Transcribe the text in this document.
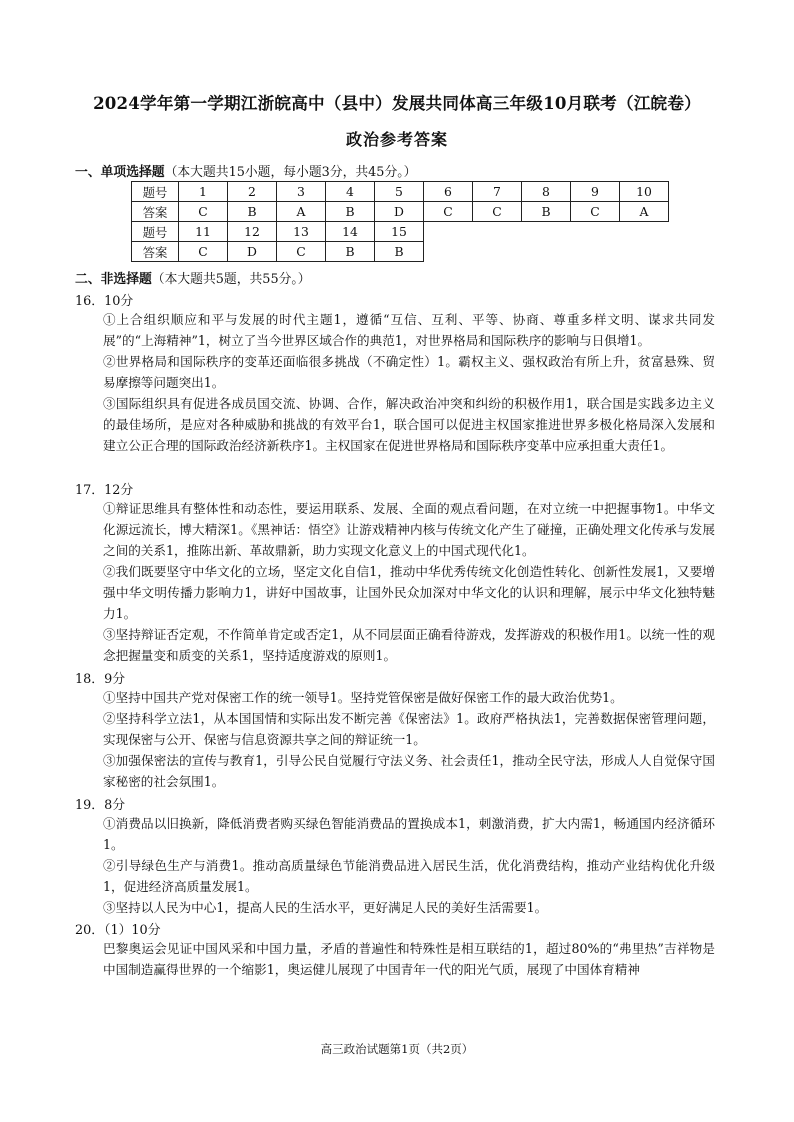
2024学年第一学期江浙皖高中（县中）发展共同体高三年级10月联考（江皖卷）
政治参考答案
一、单项选择题（本大题共15小题，每小题3分，共45分。）
题号	1	2	3	4	5	6	7	8	9	10
答案	C	B	A	B	D	C	C	B	C	A
题号	11	12	13	14	15					
答案	C	D	C	B	B					
二、非选择题（本大题共5题，共55分。）
16．10分
①上合组织顺应和平与发展的时代主题1，遵循“互信、互利、平等、协商、尊重多样文明、谋求共同发展”的“上海精神”1，树立了当今世界区域合作的典范1，对世界格局和国际秩序的影响与日俱增1。
②世界格局和国际秩序的变革还面临很多挑战（不确定性）1。霸权主义、强权政治有所上升，贫富悬殊、贸易摩擦等问题突出1。
③国际组织具有促进各成员国交流、协调、合作，解决政治冲突和纠纷的积极作用1，联合国是实践多边主义的最佳场所，是应对各种威胁和挑战的有效平台1，联合国可以促进主权国家推进世界多极化格局深入发展和建立公正合理的国际政治经济新秩序1。主权国家在促进世界格局和国际秩序变革中应承担重大责任1。
17．12分
①辩证思维具有整体性和动态性，要运用联系、发展、全面的观点看问题，在对立统一中把握事物1。中华文化源远流长，博大精深1。《黑神话：悟空》让游戏精神内核与传统文化产生了碰撞，正确处理文化传承与发展之间的关系1，推陈出新、革故鼎新，助力实现文化意义上的中国式现代化1。
②我们既要坚守中华文化的立场，坚定文化自信1，推动中华优秀传统文化创造性转化、创新性发展1，又要增强中华文明传播力影响力1，讲好中国故事，让国外民众加深对中华文化的认识和理解，展示中华文化独特魅力1。
③坚持辩证否定观，不作简单肯定或否定1，从不同层面正确看待游戏，发挥游戏的积极作用1。以统一性的观念把握量变和质变的关系1，坚持适度游戏的原则1。
18．9分
①坚持中国共产党对保密工作的统一领导1。坚持党管保密是做好保密工作的最大政治优势1。
②坚持科学立法1，从本国国情和实际出发不断完善《保密法》1。政府严格执法1，完善数据保密管理问题，实现保密与公开、保密与信息资源共享之间的辩证统一1。
③加强保密法的宣传与教育1，引导公民自觉履行守法义务、社会责任1，推动全民守法，形成人人自觉保守国家秘密的社会氛围1。
19．8分
①消费品以旧换新，降低消费者购买绿色智能消费品的置换成本1，刺激消费，扩大内需1，畅通国内经济循环1。
②引导绿色生产与消费1。推动高质量绿色节能消费品进入居民生活，优化消费结构，推动产业结构优化升级1，促进经济高质量发展1。
③坚持以人民为中心1，提高人民的生活水平，更好满足人民的美好生活需要1。
20．（1）10分
巴黎奥运会见证中国风采和中国力量，矛盾的普遍性和特殊性是相互联结的1，超过80%的“弗里热”吉祥物是中国制造赢得世界的一个缩影1，奥运健儿展现了中国青年一代的阳光气质，展现了中国体育精神
高三政治试题第1页（共2页）
